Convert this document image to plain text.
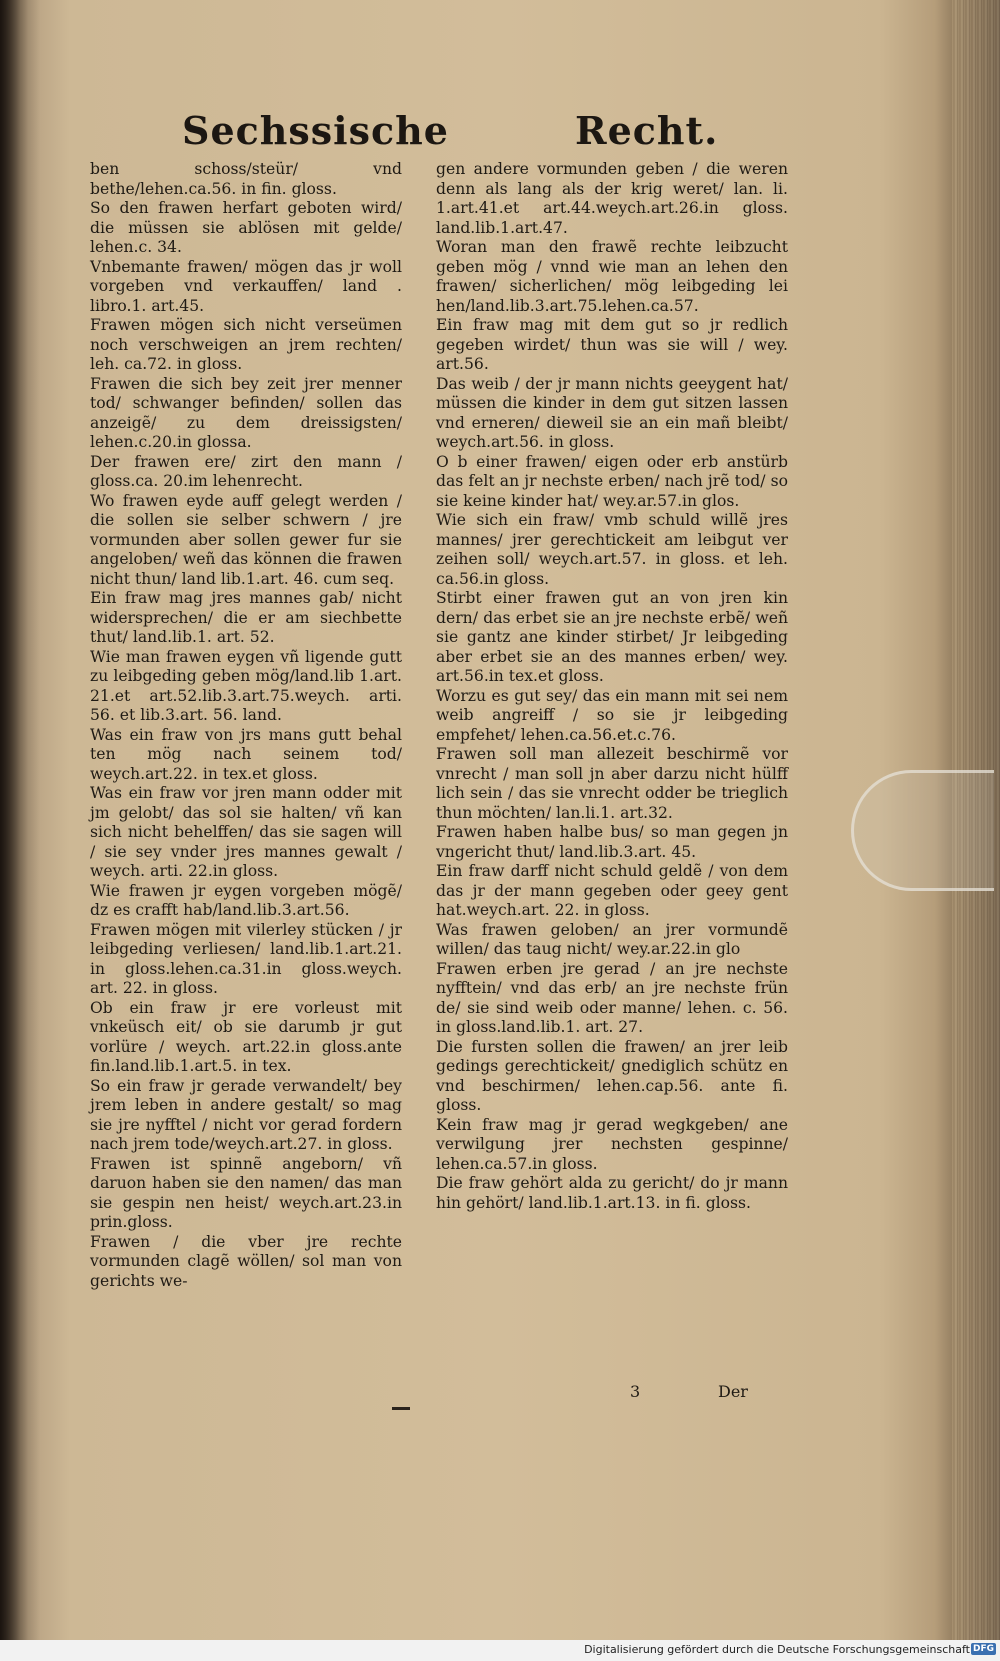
Sechssische	Recht.

ben schoss/steür/ vnd bethe/lehen.ca.56. in fin. gloss.

So den frawen herfart geboten wird/ die müssen sie ablösen mit gelde/ lehen.c. 34.

Vnbemante frawen/ mögen das jr woll vorgeben vnd verkauffen/ land . libro.1. art.45.

Frawen mögen sich nicht verseümen noch verschweigen an jrem rechten/ leh. ca.72. in gloss.

Frawen die sich bey zeit jrer menner tod/ schwanger befinden/ sollen das anzeigẽ/ zu dem dreissigsten/ lehen.c.20.in glossa.

Der frawen ere/ zirt den mann / gloss.ca. 20.im lehenrecht.

Wo frawen eyde auff gelegt werden / die sollen sie selber schwern / jre vormunden aber sollen gewer fur sie angeloben/ weñ das können die frawen nicht thun/ land lib.1.art. 46. cum seq.

Ein fraw mag jres mannes gab/ nicht widersprechen/ die er am siechbette thut/ land.lib.1. art. 52.

Wie man frawen eygen vñ ligende gutt zu leibgeding geben mög/land.lib 1.art. 21.et art.52.lib.3.art.75.weych. arti. 56. et lib.3.art. 56. land.

Was ein fraw von jrs mans gutt behal ten mög nach seinem tod/ weych.art.22. in tex.et gloss.

Was ein fraw vor jren mann odder mit jm gelobt/ das sol sie halten/ vñ kan sich nicht behelffen/ das sie sagen will / sie sey vnder jres mannes gewalt / weych. arti. 22.in gloss.

Wie frawen jr eygen vorgeben mögẽ/ dz es crafft hab/land.lib.3.art.56.

Frawen mögen mit vilerley stücken / jr leibgeding verliesen/ land.lib.1.art.21. in gloss.lehen.ca.31.in gloss.weych. art. 22. in gloss.

Ob ein fraw jr ere vorleust mit vnkeüsch eit/ ob sie darumb jr gut vorlüre / weych. art.22.in gloss.ante fin.land.lib.1.art.5. in tex.

So ein fraw jr gerade verwandelt/ bey jrem leben in andere gestalt/ so mag sie jre nyfftel / nicht vor gerad fordern nach jrem tode/weych.art.27. in gloss.

Frawen ist spinnẽ angeborn/ vñ daruon haben sie den namen/ das man sie gespin nen heist/ weych.art.23.in prin.gloss.

Frawen / die vber jre rechte vormunden clagẽ wöllen/ sol man von gerichts we-

gen andere vormunden geben / die weren denn als lang als der krig weret/ lan. li. 1.art.41.et art.44.weych.art.26.in gloss. land.lib.1.art.47.

Woran man den frawẽ rechte leibzucht geben mög / vnnd wie man an lehen den frawen/ sicherlichen/ mög leibgeding lei hen/land.lib.3.art.75.lehen.ca.57.

Ein fraw mag mit dem gut so jr redlich gegeben wirdet/ thun was sie will / wey. art.56.

Das weib / der jr mann nichts geeygent hat/ müssen die kinder in dem gut sitzen lassen vnd erneren/ dieweil sie an ein mañ bleibt/ weych.art.56. in gloss.

O b einer frawen/ eigen oder erb anstürb das felt an jr nechste erben/ nach jrẽ tod/ so sie keine kinder hat/ wey.ar.57.in glos.

Wie sich ein fraw/ vmb schuld willẽ jres mannes/ jrer gerechtickeit am leibgut ver zeihen soll/ weych.art.57. in gloss. et leh. ca.56.in gloss.

Stirbt einer frawen gut an von jren kin dern/ das erbet sie an jre nechste erbẽ/ weñ sie gantz ane kinder stirbet/ Jr leibgeding aber erbet sie an des mannes erben/ wey. art.56.in tex.et gloss.

Worzu es gut sey/ das ein mann mit sei nem weib angreiff / so sie jr leibgeding empfehet/ lehen.ca.56.et.c.76.

Frawen soll man allezeit beschirmẽ vor vnrecht / man soll jn aber darzu nicht hülff lich sein / das sie vnrecht odder be trieglich thun möchten/ lan.li.1. art.32.

Frawen haben halbe bus/ so man gegen jn vngericht thut/ land.lib.3.art. 45.

Ein fraw darff nicht schuld geldẽ / von dem das jr der mann gegeben oder geey gent hat.weych.art. 22. in gloss.

Was frawen geloben/ an jrer vormundẽ willen/ das taug nicht/ wey.ar.22.in glo

Frawen erben jre gerad / an jre nechste nyfftein/ vnd das erb/ an jre nechste frün de/ sie sind weib oder manne/ lehen. c. 56. in gloss.land.lib.1. art. 27.

Die fursten sollen die frawen/ an jrer leib gedings gerechtickeit/ gnediglich schütz en vnd beschirmen/ lehen.cap.56. ante fi. gloss.

Kein fraw mag jr gerad wegkgeben/ ane verwilgung jrer nechsten gespinne/ lehen.ca.57.in gloss.

Die fraw gehört alda zu gericht/ do jr mann hin gehört/ land.lib.1.art.13. in fi. gloss.

3	Der
Digitalisierung gefördert durch die Deutsche Forschungsgemeinschaft DFG
